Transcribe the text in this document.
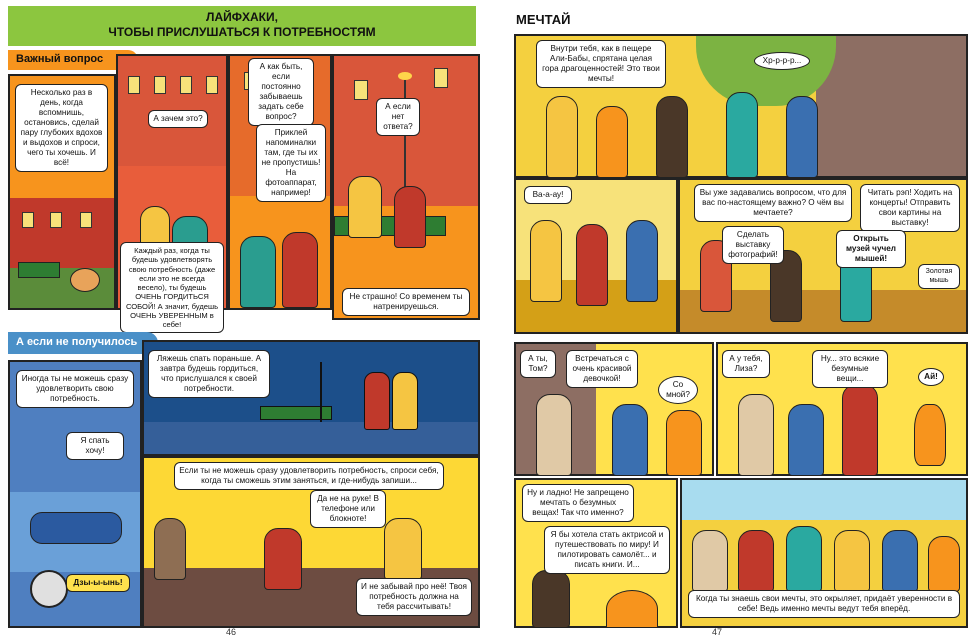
ЛАЙФХАКИ,
ЧТОБЫ ПРИСЛУШАТЬСЯ К ПОТРЕБНОСТЯМ
Важный вопрос
Несколько раз в день, когда вспомнишь, остановись, сделай пару глубоких вдохов и выдохов и спроси, чего ты хочешь. И всё!
А зачем это?
Каждый раз, когда ты будешь удовлетворять свою потребность (даже если это не всегда весело), ты будешь ОЧЕНЬ ГОРДИТЬСЯ СОБОЙ! А значит, будешь ОЧЕНЬ УВЕРЕННЫМ в себе!
А как быть, если постоянно забываешь задать себе вопрос?
Приклей напоминалки там, где ты их не пропустишь! На фотоаппарат, например!
А если нет ответа?
Не страшно! Со временем ты натренируешься.
А если не получилось
Иногда ты не можешь сразу удовлетворить свою потребность.
Я спать хочу!
Дзы-ы-ынь!
Ляжешь спать пораньше. А завтра будешь гордиться, что прислушался к своей потребности.
Если ты не можешь сразу удовлетворить потребность, спроси себя, когда ты сможешь этим заняться, и где-нибудь запиши...
Да не на руке! В телефоне или блокноте!
И не забывай про неё! Твоя потребность должна на тебя рассчитывать!
46
МЕЧТАЙ
Внутри тебя, как в пещере Али-Бабы, спрятана целая гора драгоценностей! Это твои мечты!
Хр-р-р-р...
Ва-а-ау!	Вы уже задавались вопросом, что для вас по-настоящему важно? О чём вы мечтаете?
Сделать выставку фотографий!
Читать рэп! Ходить на концерты! Отправить свои картины на выставку!
Открыть музей чучел мышей!
Золотая мышь
А ты, Том?
Встречаться с очень красивой девочкой!
Со мной?
А у тебя, Лиза?
Ну... это всякие безумные вещи...	Ай!
Ну и ладно! Не запрещено мечтать о безумных вещах! Так что именно?
Я бы хотела стать актрисой и путешествовать по миру! И пилотировать самолёт... и писать книги. И...
Когда ты знаешь свои мечты, это окрыляет, придаёт уверенности в себе! Ведь именно мечты ведут тебя вперёд.
47
